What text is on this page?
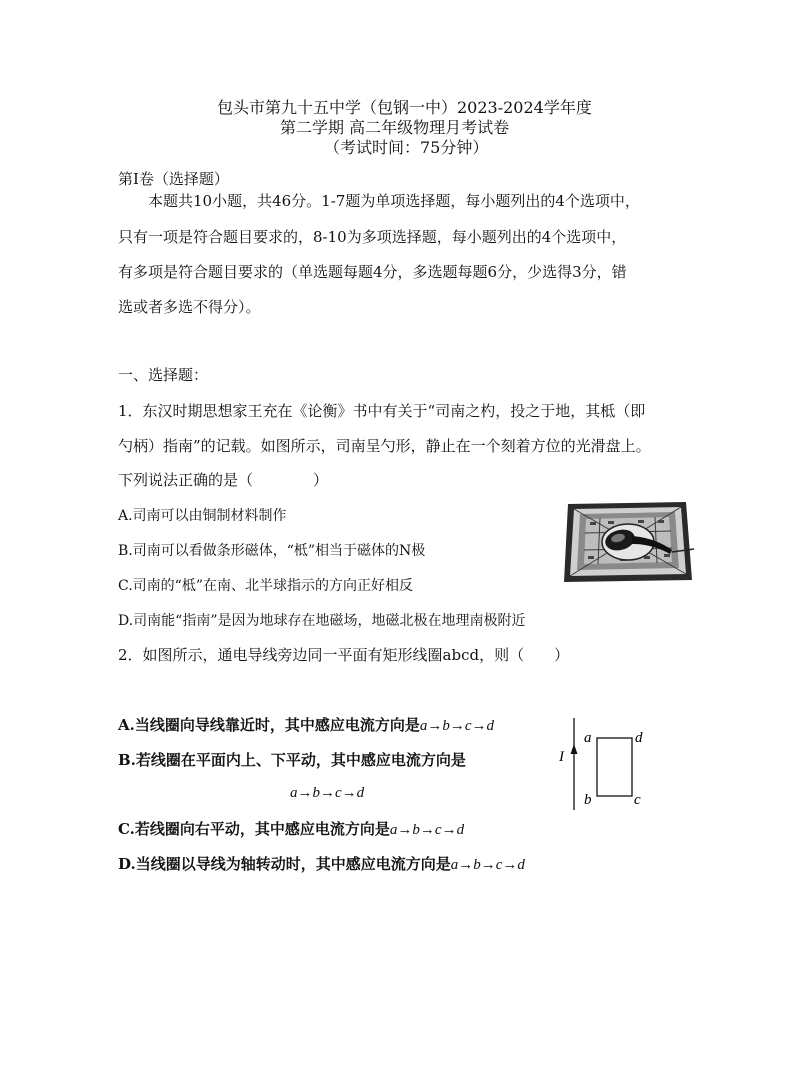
包头市第九十五中学（包钢一中）2023-2024学年度
第二学期 高二年级物理月考试卷
（考试时间：75分钟）
第I卷（选择题）
本题共10小题，共46分。1-7题为单项选择题，每小题列出的4个选项中，
只有一项是符合题目要求的，8-10为多项选择题，每小题列出的4个选项中，
有多项是符合题目要求的（单选题每题4分，多选题每题6分，少选得3分，错
选或者多选不得分）。
一、选择题：
1．东汉时期思想家王充在《论衡》书中有关于“司南之杓，投之于地，其柢（即
勺柄）指南”的记载。如图所示，司南呈勺形，静止在一个刻着方位的光滑盘上。
下列说法正确的是（　　　　）
A.司南可以由铜制材料制作
B.司南可以看做条形磁体，“柢”相当于磁体的N极
C.司南的“柢”在南、北半球指示的方向正好相反
D.司南能“指南”是因为地球存在地磁场，地磁北极在地理南极附近
2．如图所示，通电导线旁边同一平面有矩形线圈abcd，则（　　）
A.当线圈向导线靠近时，其中感应电流方向是a→b→c→d
B.若线圈在平面内上、下平动，其中感应电流方向是
a→b→c→d
C.若线圈向右平动，其中感应电流方向是a→b→c→d
D.当线圈以导线为轴转动时，其中感应电流方向是a→b→c→d
I
a	d
b	c
